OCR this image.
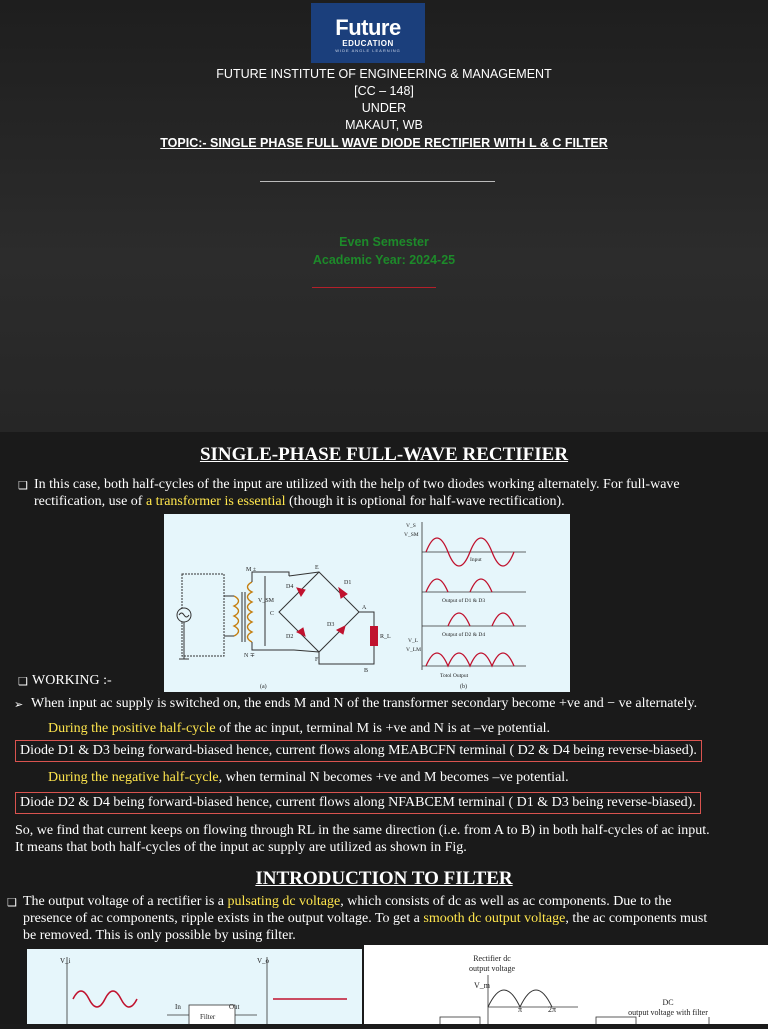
Future
EDUCATION
WIDE ANGLE LEARNING
FUTURE INSTITUTE OF ENGINEERING & MANAGEMENT
[CC – 148]
UNDER
MAKAUT, WB
TOPIC:- SINGLE PHASE FULL WAVE DIODE RECTIFIER WITH L & C FILTER
Even Semester
Academic Year: 2024-25
SINGLE-PHASE FULL-WAVE RECTIFIER
❑ In this case, both half-cycles of the input are utilized with the help of two diodes working alternately. For full-wave
rectification, use of a transformer is essential (though it is optional for half-wave rectification).
M ±
N ∓
V_SM
E
F
A
B
C
D4
D1
D2
D3
R_L
(a)	(b)
V_S
V_SM
Input
Output of D1 & D3
Output of D2 & D4
V_L
V_LM
Totol Output
❑ WORKING :-
➢ When input ac supply is switched on, the ends M and N of the transformer secondary become +ve and − ve alternately.
During the positive half-cycle of the ac input, terminal M is +ve and N is at –ve potential.
Diode D1 & D3 being forward-biased hence, current flows along MEABCFN terminal ( D2 & D4 being reverse-biased).
During the negative half-cycle, when terminal N becomes +ve and M becomes –ve potential.
Diode D2 & D4 being forward-biased hence, current flows along NFABCEM terminal ( D1 & D3 being reverse-biased).
So, we find that current keeps on flowing through RL in the same direction (i.e. from A to B) in both half-cycles of ac input.
It means that both half-cycles of the input ac supply are utilized as shown in Fig.
INTRODUCTION TO FILTER
❑ The output voltage of a rectifier is a pulsating dc voltage, which consists of dc as well as ac components. Due to the
presence of ac components, ripple exists in the output voltage. To get a smooth dc output voltage, the ac components must
be removed. This is only possible by using filter.
V_i	V_o
In	Out
Filter
Rectifier dc
output voltage
V_m
π	2π
DC
output voltage with filter
